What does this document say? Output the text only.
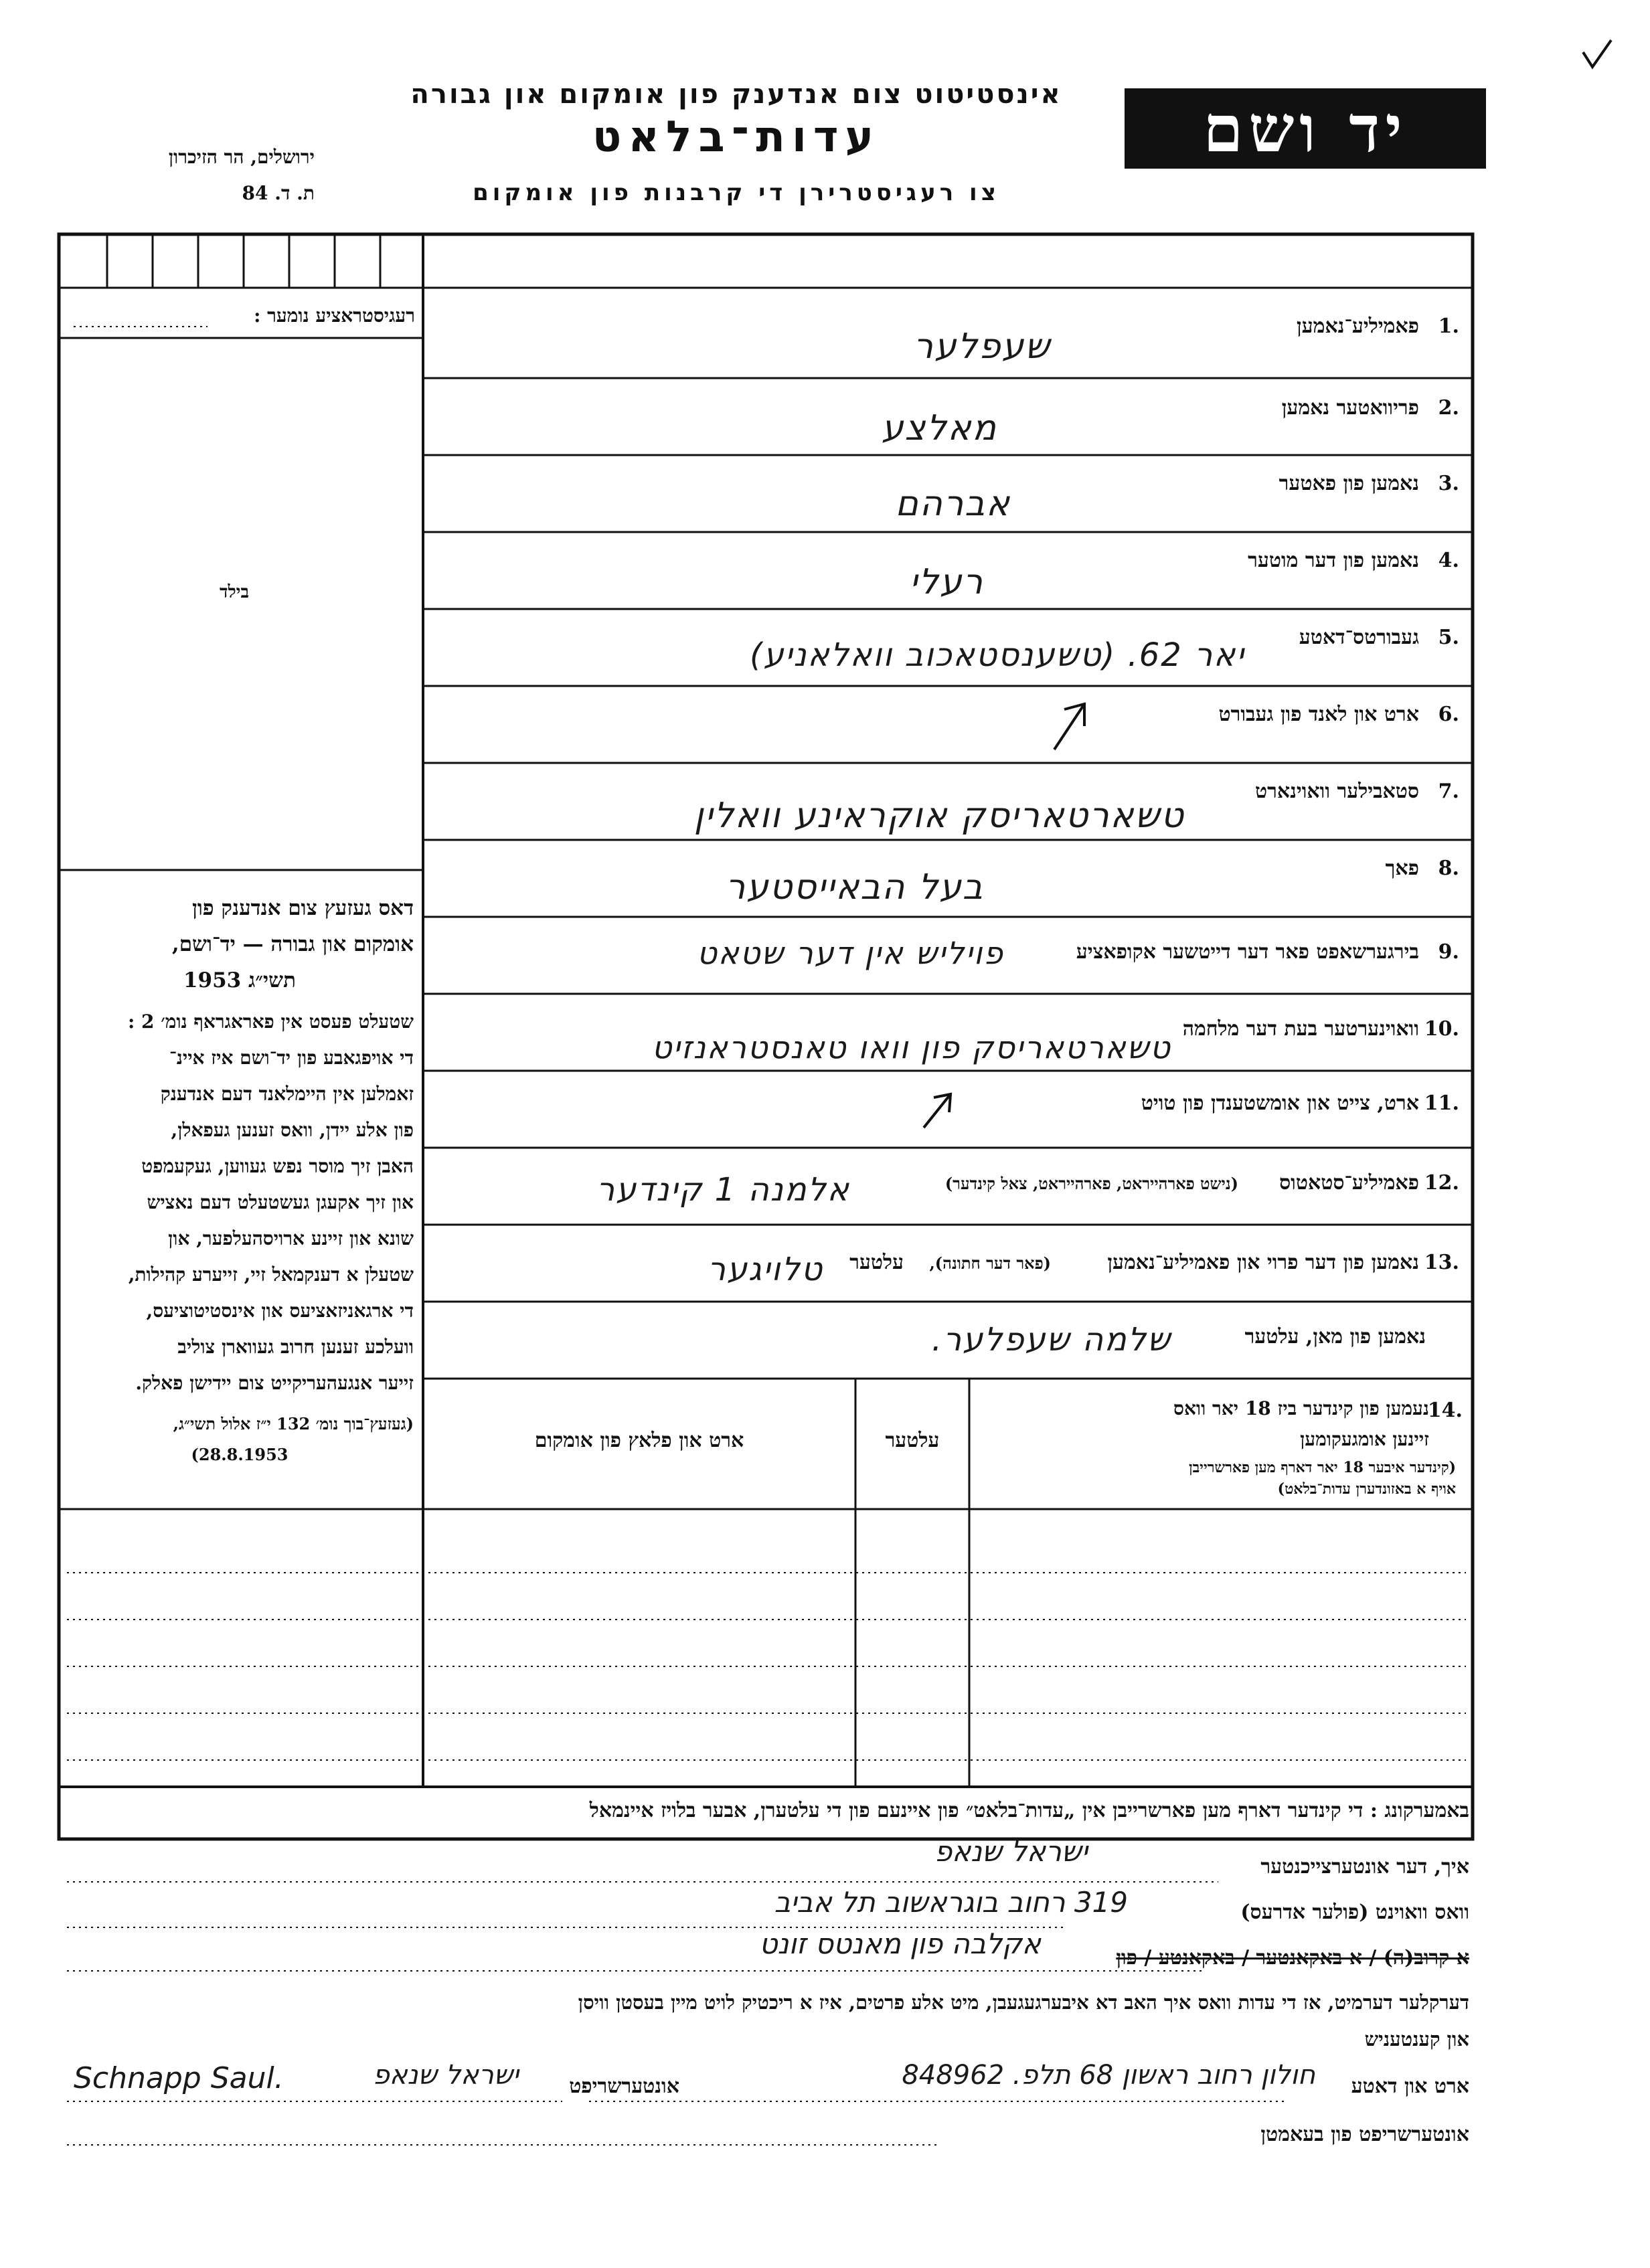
אינסטיטוט צום אנדענק פון אומקום און גבורה
עדות־בלאט
צו רעגיסטרירן די קרבנות פון אומקום
יד ושם
ירושלים, הר הזיכרון
ת. ד. 84
רעגיסטראציע נומער :
בילד
דאס געזעץ צום אנדענק פון
אומקום און גבורה — יד־ושם,
תשי״ג 1953
שטעלט פעסט אין פאראגראף נומ׳ 2 :
די אויפגאבע פון יד־ושם איז איינ־
זאמלען אין היימלאנד דעם אנדענק
פון אלע יידן, וואס זענען געפאלן,
האבן זיך מוסר נפש געווען, געקעמפט
און זיך אקעגן געשטעלט דעם נאציש
שונא און זיינע ארויסהעלפער, און
שטעלן א דענקמאל זיי, זייערע קהילות,
די ארגאניזאציעס און אינסטיטוציעס,
וועלכע זענען חרוב געווארן צוליב
זייער אנגעהעריקייט צום יידישן פאלק.
(געזעץ־בוך נומ׳ 132 י״ז אלול תשי״ג,
(28.8.1953
1.
פאמיליע־נאמען
שעפלער
2.
פריוואטער נאמען
מאלצע
3.
נאמען פון פאטער
אברהם
4.
נאמען פון דער מוטער
רעלי
5.
געבורטס־דאטע
יאר 62. (טשענסטאכוב וואלאניע)
6.
ארט און לאנד פון געבורט
7.
סטאבילער וואוינארט
טשארטאריסק אוקראינע וואלין
8.
פאך
בעל הבאייסטער
9.
בירגערשאפט פאר דער דייטשער אקופאציע
פויליש אין דער שטאט
10.
וואוינערטער בעת דער מלחמה
טשארטאריסק פון וואו טאנסטראנזיט
11.
ארט, צייט און אומשטענדן פון טויט
12.
פאמיליע־סטאטוס
(נישט פארהייראט, פארהייראט, צאל קינדער)
אלמנה 1 קינדער
13.
נאמען פון דער פרוי און פאמיליע־נאמען
(פאר דער חתונה),
עלטער
טלויגער
נאמען פון מאן, עלטער
שלמה שעפלער.
14.
נעמען פון קינדער ביז 18 יאר וואס
זיינען אומגעקומען
(קינדער איבער 18 יאר דארף מען פארשרייבן
אויף א באזונדערן עדות־בלאט)
עלטער
ארט און פלאץ פון אומקום
באמערקונג : די קינדער דארף מען פארשרייבן אין „עדות־בלאט״ פון איינעם פון די עלטערן, אבער בלויז איינמאל
איך, דער אונטערצייכנטער
ישראל שנאפ
וואס וואוינט (פולער אדרעס)
319 רחוב בוגראשוב תל אביב
א קרוב(ה) / א באקאנטער / באקאנטע / פון
אקלבה פון מאנטס זונט
דערקלער דערמיט, אז די עדות וואס איך האב דא איבערגעגעבן, מיט אלע פרטים, איז א ריכטיק לויט מיין בעסטן וויסן
און קענטעניש
ארט און דאטע
חולון רחוב ראשון 68 תלפ. 848962
אונטערשריפט
ישראל שנאפ
Schnapp Saul.
אונטערשריפט פון בעאמטן
